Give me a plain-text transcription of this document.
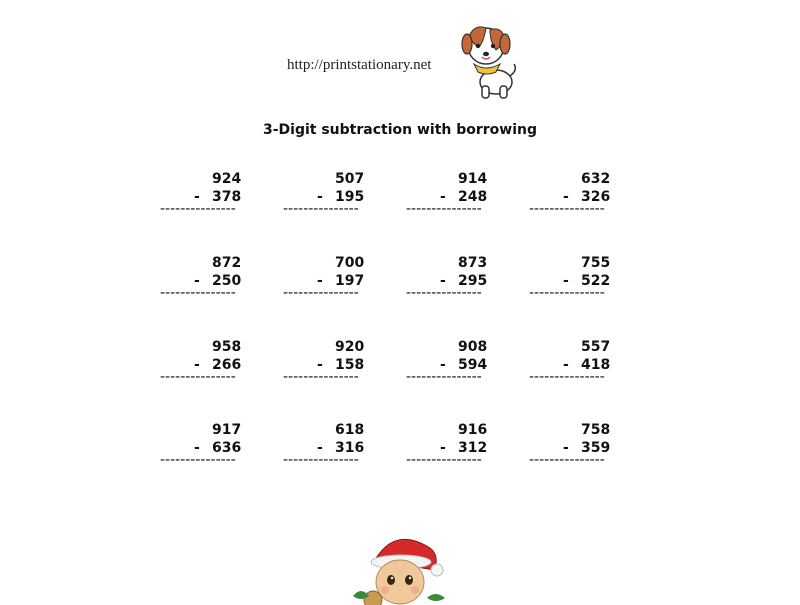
http://printstationary.net
3-Digit subtraction with borrowing
924
- 378
---------------
507
- 195
---------------
914
- 248
---------------
632
- 326
---------------
872
- 250
---------------
700
- 197
---------------
873
- 295
---------------
755
- 522
---------------
958
- 266
---------------
920
- 158
---------------
908
- 594
---------------
557
- 418
---------------
917
- 636
---------------
618
- 316
---------------
916
- 312
---------------
758
- 359
---------------
